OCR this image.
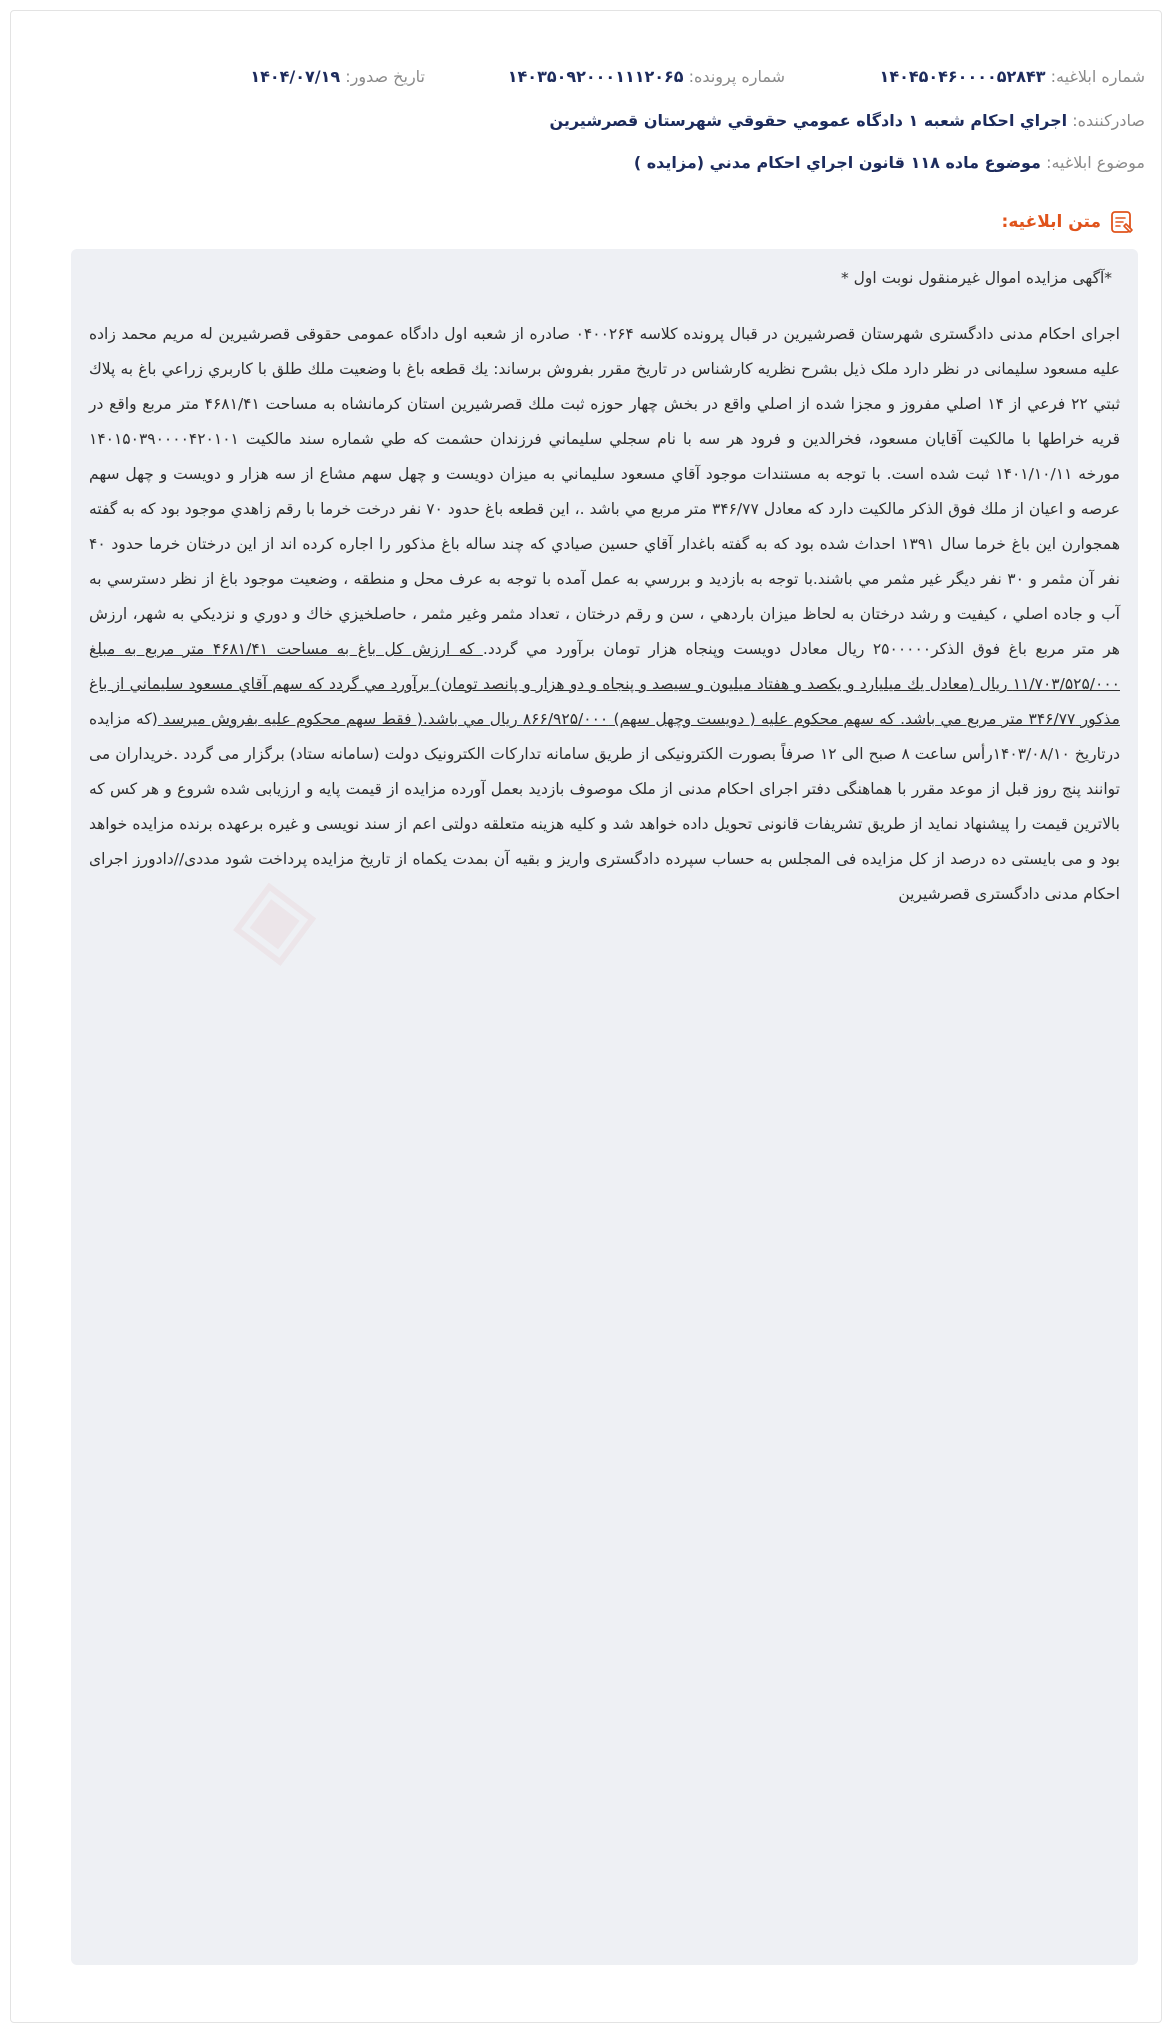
شماره ابلاغیه: ۱۴۰۴۵۰۴۶۰۰۰۰۵۲۸۴۳
شماره پرونده: ۱۴۰۳۵۰۹۲۰۰۰۱۱۱۲۰۶۵
تاریخ صدور: ۱۴۰۴/۰۷/۱۹
صادرکننده: اجراي احكام شعبه ۱ دادگاه عمومي حقوقي شهرستان قصرشيرين
موضوع ابلاغیه: موضوع ماده ۱۱۸ قانون اجراي احكام مدني (مزايده )
متن ابلاغیه:

*آگهی مزایده اموال غیرمنقول نوبت اول *

اجرای احکام مدنی دادگستری شهرستان قصرشیرین در قبال پرونده کلاسه ۰۴۰۰۲۶۴ صادره از شعبه اول دادگاه عمومی حقوقی قصرشیرین له مریم محمد زاده علیه مسعود سلیمانی در نظر دارد ملک ذیل بشرح نظریه کارشناس در تاریخ مقرر بفروش برساند: يك قطعه باغ با وضعيت ملك طلق با كاربري زراعي باغ به پلاك ثبتي ۲۲ فرعي از ۱۴ اصلي مفروز و مجزا شده از اصلي واقع در بخش چهار حوزه ثبت ملك قصرشيرين استان كرمانشاه به مساحت ۴۶۸۱/۴۱ متر مربع واقع در قريه خراطها با مالكيت آقايان مسعود، فخرالدين و فرود هر سه با نام سجلي سليماني فرزندان حشمت كه طي شماره سند مالكيت ۱۴۰۱۵۰۳۹۰۰۰۰۴۲۰۱۰۱ مورخه ۱۴۰۱/۱۰/۱۱ ثبت شده است. با توجه به مستندات موجود آقاي مسعود سليماني به ميزان دويست و چهل سهم مشاع از سه هزار و دويست و چهل سهم عرصه و اعيان از ملك فوق الذكر مالكيت دارد كه معادل ۳۴۶/۷۷ متر مربع مي باشد .، اين قطعه باغ حدود ۷۰ نفر درخت خرما با رقم زاهدي موجود بود كه به گفته همجوارن اين باغ خرما سال ۱۳۹۱ احداث شده بود كه به گفته باغدار آقاي حسين صيادي كه چند ساله باغ مذكور را اجاره كرده اند از اين درختان خرما حدود ۴۰ نفر آن مثمر و ۳۰ نفر ديگر غير مثمر مي باشند.با توجه به بازديد و بررسي به عمل آمده با توجه به عرف محل و منطقه ، وضعيت موجود باغ از نظر دسترسي به آب و جاده اصلي ، كيفيت و رشد درختان به لحاظ ميزان باردهي ، سن و رقم درختان ، تعداد مثمر وغير مثمر ، حاصلخيزي خاك و دوري و نزديكي به شهر، ارزش هر متر مربع باغ فوق الذكر۲۵۰۰۰۰۰ ريال معادل دويست وپنجاه هزار تومان برآورد مي گردد. كه ارزش كل باغ به مساحت ۴۶۸۱/۴۱ متر مربع به مبلغ ۱۱/۷۰۳/۵۲۵/۰۰۰ ريال (معادل يك ميليارد و يكصد و هفتاد ميليون و سيصد و پنجاه و دو هزار و پانصد تومان) برآورد مي گردد كه سهم آقاي مسعود سليماني از باغ مذكور ۳۴۶/۷۷ متر مربع مي باشد. كه سهم محكوم عليه ( دويست وچهل سهم) ۸۶۶/۹۲۵/۰۰۰ ريال مي باشد.( فقط سهم محكوم عليه بفروش ميرسد (که مزایده درتاریخ ۱۴۰۳/۰۸/۱۰رأس ساعت ۸ صبح الی ۱۲ صرفاً بصورت الکترونیکی از طریق سامانه تدارکات الکترونیک دولت (سامانه ستاد) برگزار می گردد .خریداران می توانند پنج روز قبل از موعد مقرر با هماهنگی دفتر اجرای احکام مدنی از ملک موصوف بازدید بعمل آورده مزایده از قیمت پایه و ارزیابی شده شروع و هر کس که بالاترین قیمت را پیشنهاد نماید از طریق تشریفات قانونی تحویل داده خواهد شد و کلیه هزینه متعلقه دولتی اعم از سند نویسی و غیره برعهده برنده مزایده خواهد بود و می بایستی ده درصد از کل مزایده فی المجلس به حساب سپرده دادگستری واریز و بقیه آن بمدت یکماه از تاریخ مزایده پرداخت شود مددی//دادورز اجرای احکام مدنی دادگستری قصرشیرین
